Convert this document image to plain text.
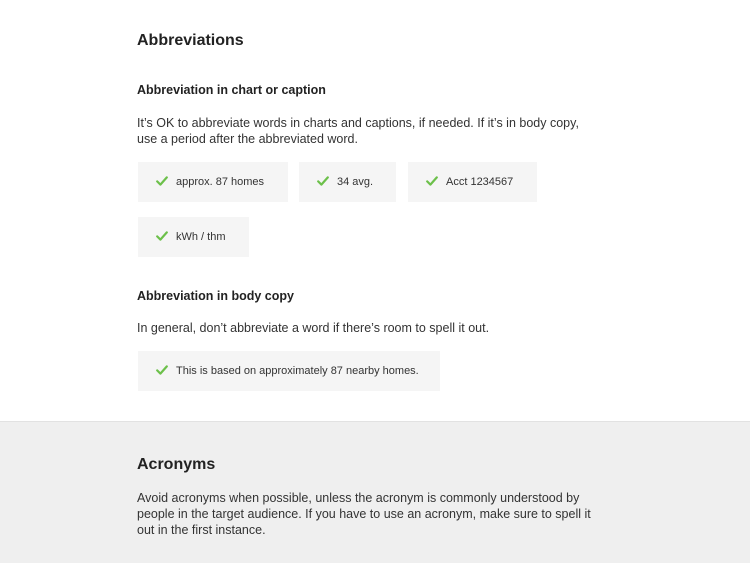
Abbreviations
Abbreviation in chart or caption

It’s OK to abbreviate words in charts and captions, if needed. If it’s in body copy, use a period after the abbreviated word.

approx. 87 homes	34 avg.	Acct 1234567
kWh / thm
Abbreviation in body copy

In general, don’t abbreviate a word if there’s room to spell it out.

This is based on approximately 87 nearby homes.
Acronyms

Avoid acronyms when possible, unless the acronym is commonly understood by people in the target audience. If you have to use an acronym, make sure to spell it out in the first instance.
